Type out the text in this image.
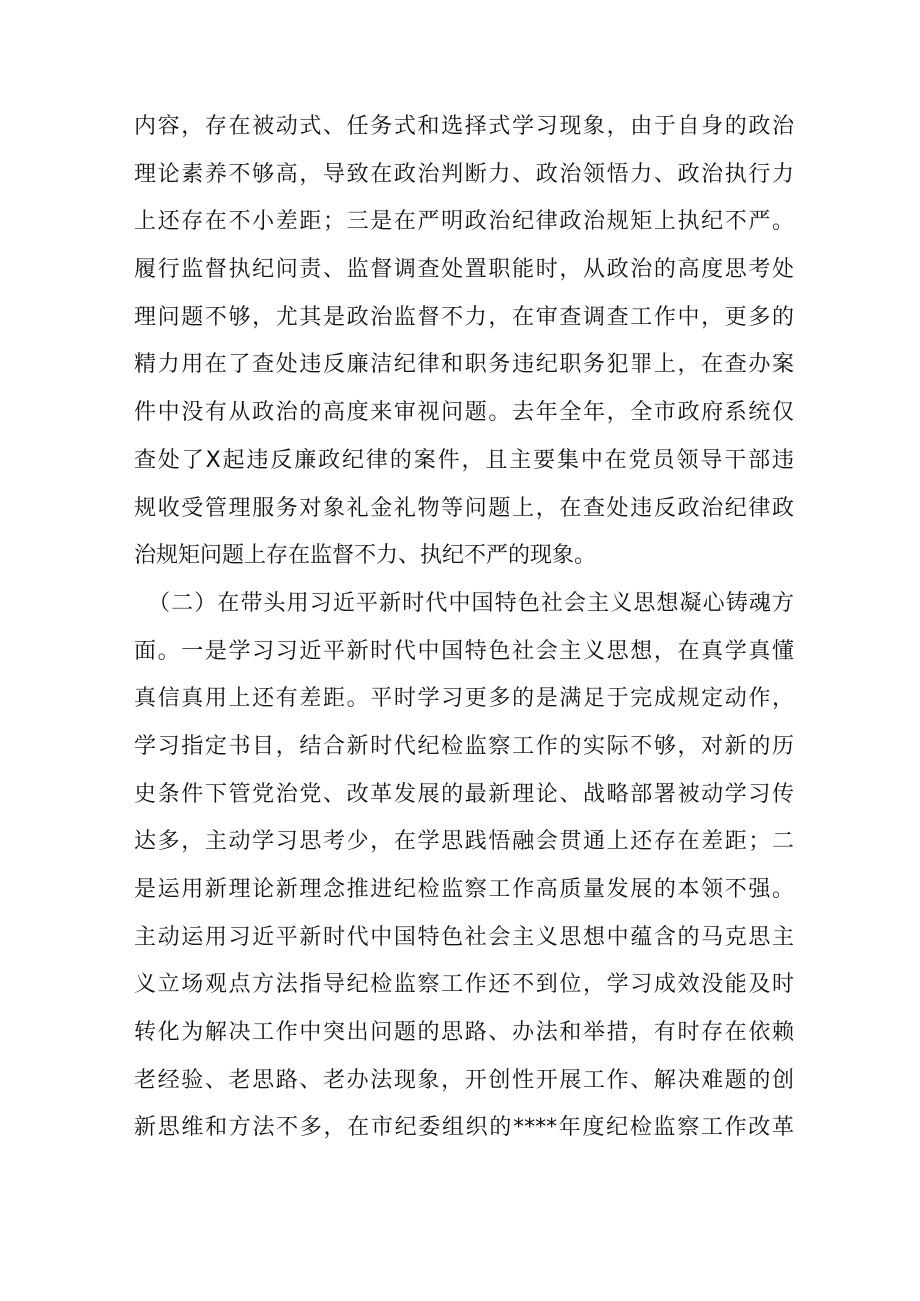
内容，存在被动式、任务式和选择式学习现象，由于自身的政治
理论素养不够高，导致在政治判断力、政治领悟力、政治执行力
上还存在不小差距；三是在严明政治纪律政治规矩上执纪不严。
履行监督执纪问责、监督调查处置职能时，从政治的高度思考处
理问题不够，尤其是政治监督不力，在审查调查工作中，更多的
精力用在了查处违反廉洁纪律和职务违纪职务犯罪上，在查办案
件中没有从政治的高度来审视问题。去年全年，全市政府系统仅
查处了X起违反廉政纪律的案件，且主要集中在党员领导干部违
规收受管理服务对象礼金礼物等问题上，在查处违反政治纪律政
治规矩问题上存在监督不力、执纪不严的现象。
（二）在带头用习近平新时代中国特色社会主义思想凝心铸魂方
面。一是学习习近平新时代中国特色社会主义思想，在真学真懂
真信真用上还有差距。平时学习更多的是满足于完成规定动作，
学习指定书目，结合新时代纪检监察工作的实际不够，对新的历
史条件下管党治党、改革发展的最新理论、战略部署被动学习传
达多，主动学习思考少，在学思践悟融会贯通上还存在差距；二
是运用新理论新理念推进纪检监察工作高质量发展的本领不强。
主动运用习近平新时代中国特色社会主义思想中蕴含的马克思主
义立场观点方法指导纪检监察工作还不到位，学习成效没能及时
转化为解决工作中突出问题的思路、办法和举措，有时存在依赖
老经验、老思路、老办法现象，开创性开展工作、解决难题的创
新思维和方法不多，在市纪委组织的****年度纪检监察工作改革
